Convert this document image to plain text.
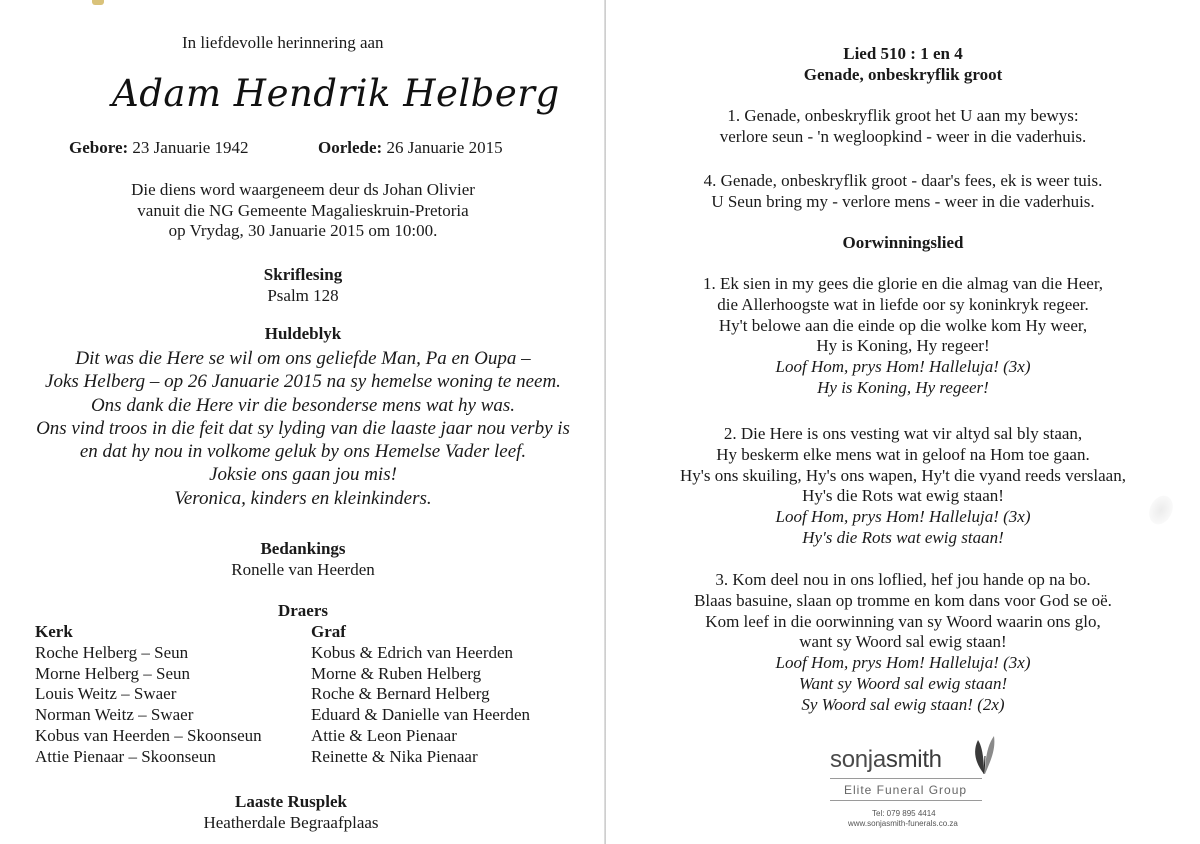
In liefdevolle herinnering aan
Adam Hendrik Helberg
Gebore: 23 Januarie 1942	Oorlede: 26 Januarie 2015
Die diens word waargeneem deur ds Johan Olivier
vanuit die NG Gemeente Magalieskruin-Pretoria
op Vrydag, 30 Januarie 2015 om 10:00.
Skriflesing
Psalm 128
Huldeblyk
Dit was die Here se wil om ons geliefde Man, Pa en Oupa –
Joks Helberg – op 26 Januarie 2015 na sy hemelse woning te neem.
Ons dank die Here vir die besonderse mens wat hy was.
Ons vind troos in die feit dat sy lyding van die laaste jaar nou verby is
en dat hy nou in volkome geluk by ons Hemelse Vader leef.
Joksie ons gaan jou mis!
Veronica, kinders en kleinkinders.
Bedankings
Ronelle van Heerden
Draers
Kerk
Roche Helberg – Seun
Morne Helberg – Seun
Louis Weitz – Swaer
Norman Weitz – Swaer
Kobus van Heerden – Skoonseun
Attie Pienaar – Skoonseun
Graf
Kobus & Edrich van Heerden
Morne & Ruben Helberg
Roche & Bernard Helberg
Eduard & Danielle van Heerden
Attie & Leon Pienaar
Reinette & Nika Pienaar
Laaste Rusplek
Heatherdale Begraafplaas
Lied 510 : 1 en 4
Genade, onbeskryflik groot
1. Genade, onbeskryflik groot het U aan my bewys:
verlore seun - 'n wegloopkind - weer in die vaderhuis.
4. Genade, onbeskryflik groot - daar's fees, ek is weer tuis.
U Seun bring my - verlore mens - weer in die vaderhuis.
Oorwinningslied
1. Ek sien in my gees die glorie en die almag van die Heer,
die Allerhoogste wat in liefde oor sy koninkryk regeer.
Hy't belowe aan die einde op die wolke kom Hy weer,
Hy is Koning, Hy regeer!
Loof Hom, prys Hom! Halleluja! (3x)
Hy is Koning, Hy regeer!
2. Die Here is ons vesting wat vir altyd sal bly staan,
Hy beskerm elke mens wat in geloof na Hom toe gaan.
Hy's ons skuiling, Hy's ons wapen, Hy't die vyand reeds verslaan,
Hy's die Rots wat ewig staan!
Loof Hom, prys Hom! Halleluja! (3x)
Hy's die Rots wat ewig staan!
3. Kom deel nou in ons loflied, hef jou hande op na bo.
Blaas basuine, slaan op tromme en kom dans voor God se oë.
Kom leef in die oorwinning van sy Woord waarin ons glo,
want sy Woord sal ewig staan!
Loof Hom, prys Hom! Halleluja! (3x)
Want sy Woord sal ewig staan!
Sy Woord sal ewig staan! (2x)
sonjasmith
Elite Funeral Group
Tel: 079 895 4414
www.sonjasmith-funerals.co.za
